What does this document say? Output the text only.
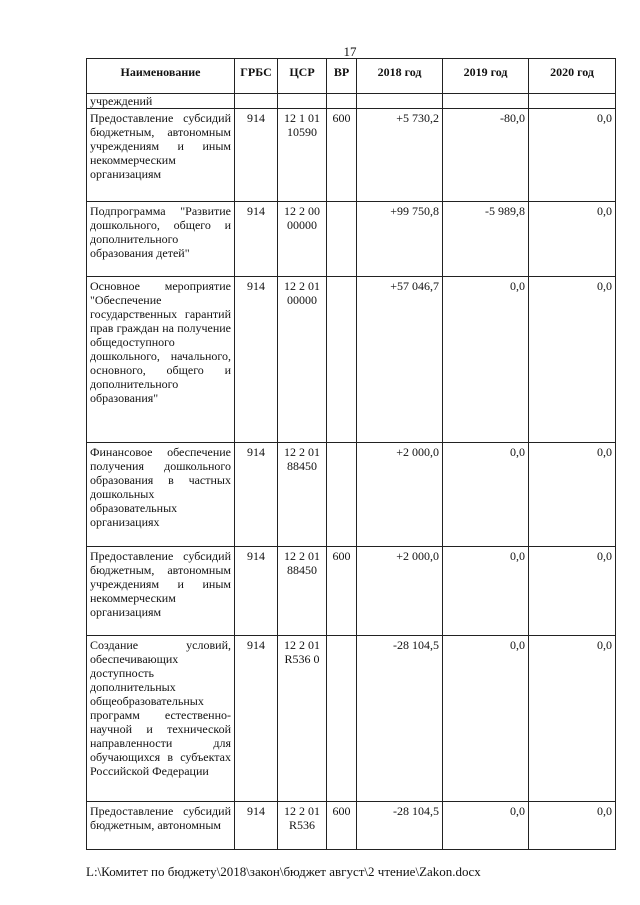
17
Наименование	ГРБС	ЦСР	ВР	2018 год	2019 год	2020 год
учреждений						
Предоставление субсидий бюджетным, автономным учреждениям и иным некоммерческим организациям	914	12 1 01 10590	600	+5 730,2	-80,0	0,0
Подпрограмма "Развитие дошкольного, общего и дополнительного образования детей"	914	12 2 00 00000		+99 750,8	-5 989,8	0,0
Основное мероприятие "Обеспечение государственных гарантий прав граждан на получение общедоступного дошкольного, начального, основного, общего и дополнительного образования"	914	12 2 01 00000		+57 046,7	0,0	0,0
Финансовое обеспечение получения дошкольного образования в частных дошкольных образовательных организациях	914	12 2 01 88450		+2 000,0	0,0	0,0
Предоставление субсидий бюджетным, автономным учреждениям и иным некоммерческим организациям	914	12 2 01 88450	600	+2 000,0	0,0	0,0
Создание условий, обеспечивающих доступность дополнительных общеобразовательных программ естественно-научной и технической направленности для обучающихся в субъектах Российской Федерации	914	12 2 01 R536 0		-28 104,5	0,0	0,0
Предоставление субсидий бюджетным, автономным	914	12 2 01 R536	600	-28 104,5	0,0	0,0
L:\Комитет по бюджету\2018\закон\бюджет август\2 чтение\Zakon.docx
